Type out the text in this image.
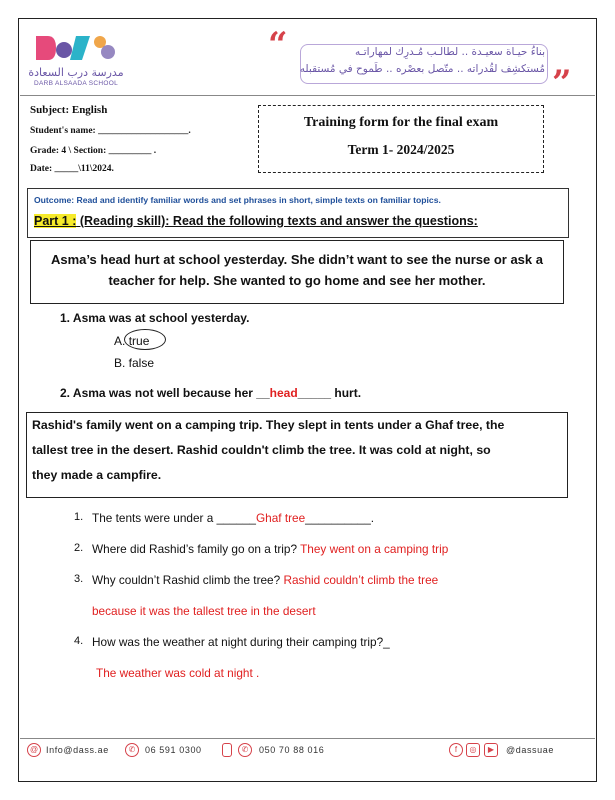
مدرسة درب السعادة
DARB ALSAADA SCHOOL
“	بناءُ حيـاة سعيـدة .. لطالـب مُـدرِك لمهاراتـه
مُستكشِف لقُدراته .. متّصل بعصْره .. طَموح في مُستقبله ”
Subject: English
Student's name: ___________________.
Grade: 4 \ Section: _________ .
Date: _____\11\2024.
Training form for the final exam
Term 1- 2024/2025
Outcome: Read and identify familiar words and set phrases in short, simple texts on familiar topics.
Part 1 : (Reading skill): Read the following texts and answer the questions:
Asma’s head hurt at school yesterday. She didn’t want to see the nurse or ask a
teacher for help. She wanted to go home and see her mother.
1. Asma was at school yesterday.
A. true
B. false
2. Asma was not well because her __head_____ hurt.
Rashid's family went on a camping trip. They slept in tents under a Ghaf tree, the
tallest tree in the desert. Rashid couldn't climb the tree. It was cold at night, so
they made a campfire.
1. The tents were under a ______Ghaf tree__________.
2. Where did Rashid’s family go on a trip? They went on a camping trip
3. Why couldn’t Rashid climb the tree? Rashid couldn’t climb the tree
because it was the tallest tree in the desert
4. How was the weather at night during their camping trip?_
The weather was cold at night .
@ Info@dass.ae	✆	06 591 0300	✆	050 70 88 016	f	◎	▶	@dassuae
